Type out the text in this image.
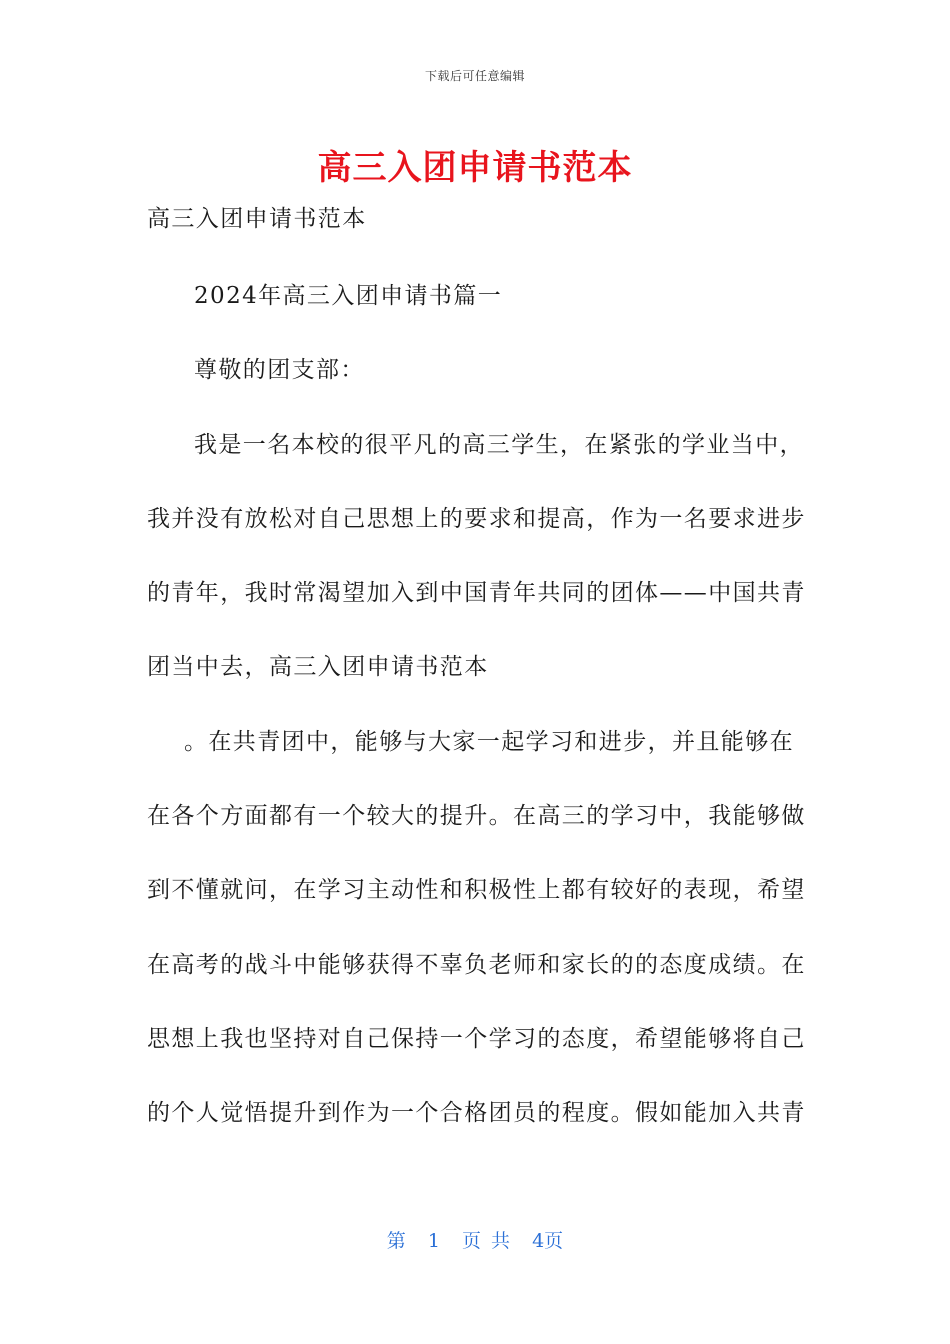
下载后可任意编辑
高三入团申请书范本
高三入团申请书范本
2024年高三入团申请书篇一
尊敬的团支部：
我是一名本校的很平凡的高三学生，在紧张的学业当中，
我并没有放松对自己思想上的要求和提高，作为一名要求进步
的青年，我时常渴望加入到中国青年共同的团体——中国共青
团当中去，高三入团申请书范本
。在共青团中，能够与大家一起学习和进步，并且能够在
在各个方面都有一个较大的提升。在高三的学习中，我能够做
到不懂就问，在学习主动性和积极性上都有较好的表现，希望
在高考的战斗中能够获得不辜负老师和家长的的态度成绩。在
思想上我也坚持对自己保持一个学习的态度，希望能够将自己
的个人觉悟提升到作为一个合格团员的程度。假如能加入共青
第 1 页 共 4页
